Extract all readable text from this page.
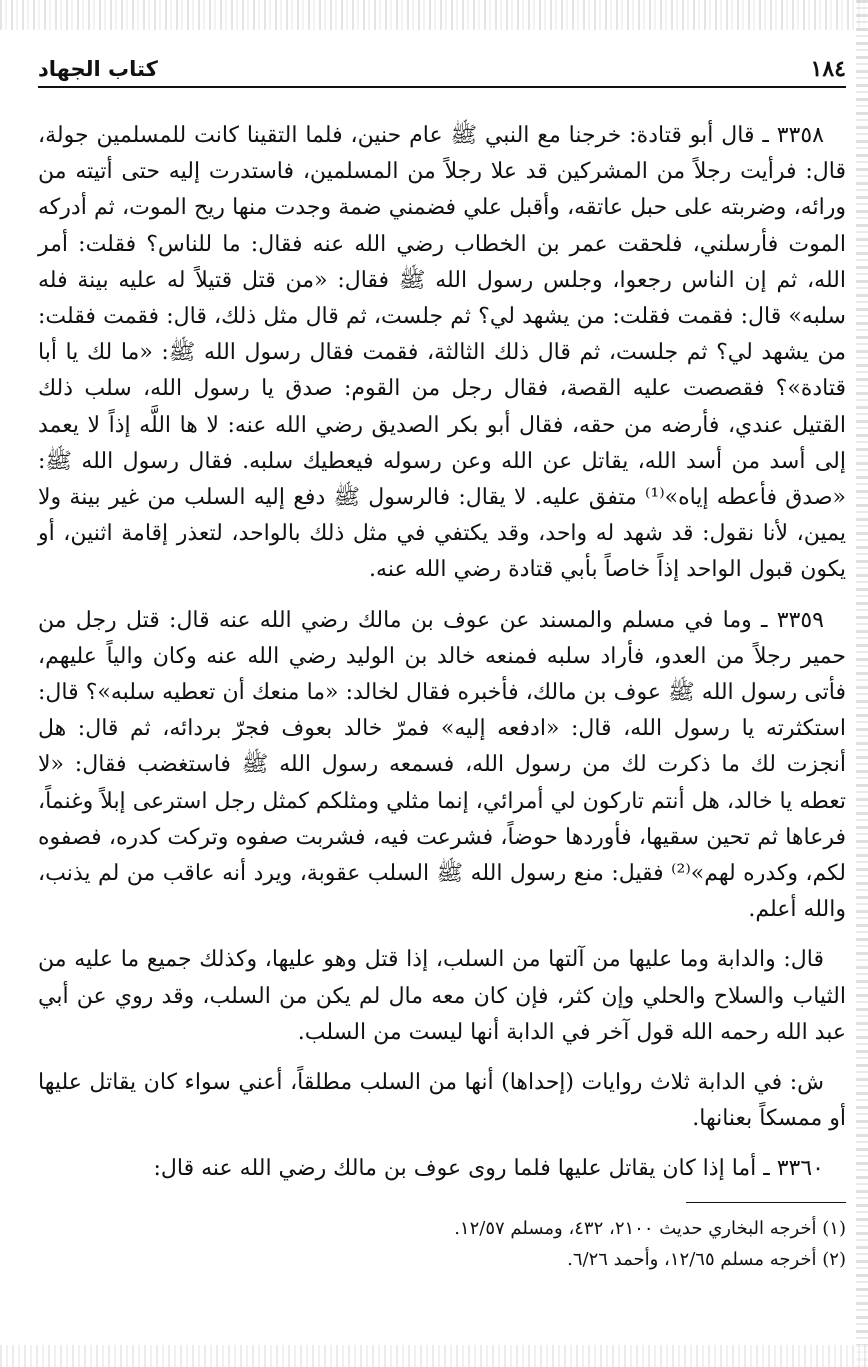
١٨٤
كتاب الجهاد

٣٣٥٨ ـ قال أبو قتادة: خرجنا مع النبي ﷺ عام حنين، فلما التقينا كانت للمسلمين جولة، قال: فرأيت رجلاً من المشركين قد علا رجلاً من المسلمين، فاستدرت إليه حتى أتيته من ورائه، وضربته على حبل عاتقه، وأقبل علي فضمني ضمة وجدت منها ريح الموت، ثم أدركه الموت فأرسلني، فلحقت عمر بن الخطاب رضي الله عنه فقال: ما للناس؟ فقلت: أمر الله، ثم إن الناس رجعوا، وجلس رسول الله ﷺ فقال: «من قتل قتيلاً له عليه بينة فله سلبه» قال: فقمت فقلت: من يشهد لي؟ ثم جلست، ثم قال مثل ذلك، قال: فقمت فقلت: من يشهد لي؟ ثم جلست، ثم قال ذلك الثالثة، فقمت فقال رسول الله ﷺ: «ما لك يا أبا قتادة»؟ فقصصت عليه القصة، فقال رجل من القوم: صدق يا رسول الله، سلب ذلك القتيل عندي، فأرضه من حقه، فقال أبو بكر الصديق رضي الله عنه: لا ها اللَّه إذاً لا يعمد إلى أسد من أسد الله، يقاتل عن الله وعن رسوله فيعطيك سلبه. فقال رسول الله ﷺ: «صدق فأعطه إياه»⁽¹⁾ متفق عليه. لا يقال: فالرسول ﷺ دفع إليه السلب من غير بينة ولا يمين، لأنا نقول: قد شهد له واحد، وقد يكتفي في مثل ذلك بالواحد، لتعذر إقامة اثنين، أو يكون قبول الواحد إذاً خاصاً بأبي قتادة رضي الله عنه.

٣٣٥٩ ـ وما في مسلم والمسند عن عوف بن مالك رضي الله عنه قال: قتل رجل من حمير رجلاً من العدو، فأراد سلبه فمنعه خالد بن الوليد رضي الله عنه وكان والياً عليهم، فأتى رسول الله ﷺ عوف بن مالك، فأخبره فقال لخالد: «ما منعك أن تعطيه سلبه»؟ قال: استكثرته يا رسول الله، قال: «ادفعه إليه» فمرّ خالد بعوف فجرّ بردائه، ثم قال: هل أنجزت لك ما ذكرت لك من رسول الله، فسمعه رسول الله ﷺ فاستغضب فقال: «لا تعطه يا خالد، هل أنتم تاركون لي أمرائي، إنما مثلي ومثلكم كمثل رجل استرعى إبلاً وغنماً، فرعاها ثم تحين سقيها، فأوردها حوضاً، فشرعت فيه، فشربت صفوه وتركت كدره، فصفوه لكم، وكدره لهم»⁽²⁾ فقيل: منع رسول الله ﷺ السلب عقوبة، ويرد أنه عاقب من لم يذنب، والله أعلم.

قال: والدابة وما عليها من آلتها من السلب، إذا قتل وهو عليها، وكذلك جميع ما عليه من الثياب والسلاح والحلي وإن كثر، فإن كان معه مال لم يكن من السلب، وقد روي عن أبي عبد الله رحمه الله قول آخر في الدابة أنها ليست من السلب.

ش: في الدابة ثلاث روايات (إحداها) أنها من السلب مطلقاً، أعني سواء كان يقاتل عليها أو ممسكاً بعنانها.

٣٣٦٠ ـ أما إذا كان يقاتل عليها فلما روى عوف بن مالك رضي الله عنه قال:

(١) أخرجه البخاري حديث ٢١٠٠، ٤٣٢، ومسلم ١٢/٥٧.

(٢) أخرجه مسلم ١٢/٦٥، وأحمد ٦/٢٦.
